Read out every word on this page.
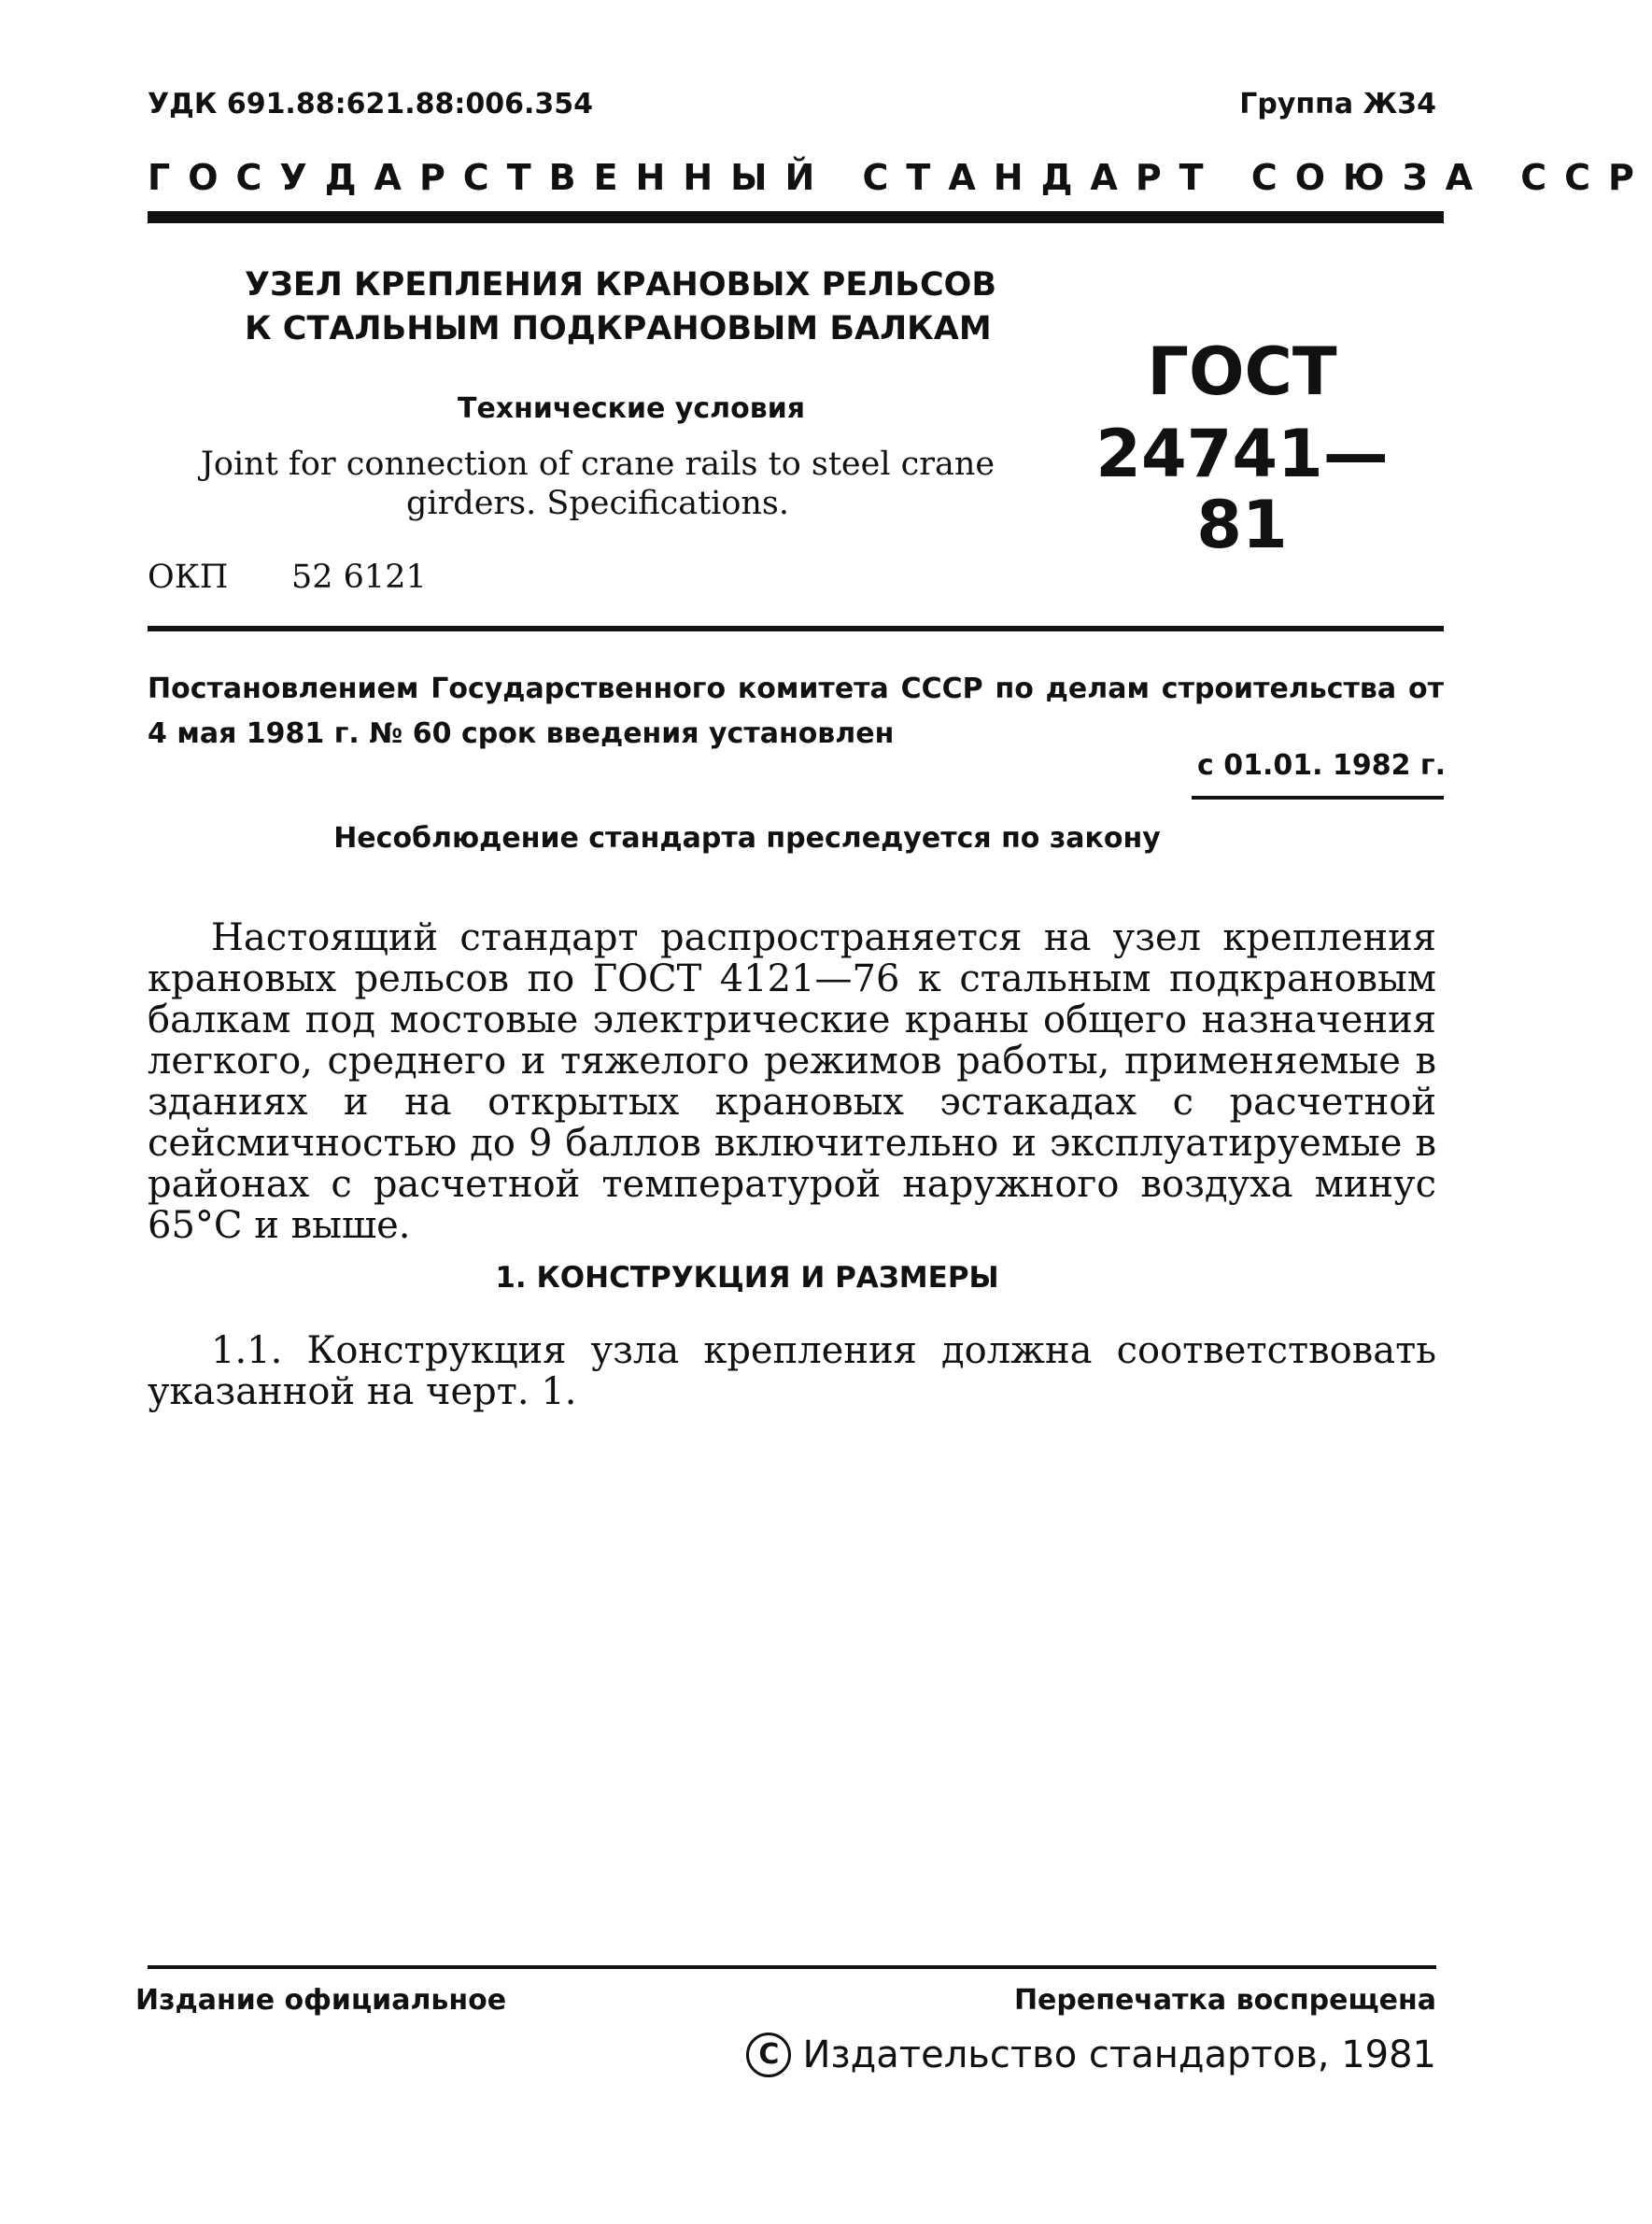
УДК 691.88:621.88:006.354	Группа Ж34
ГОСУДАРСТВЕННЫЙ СТАНДАРТ СОЮЗА ССР
УЗЕЛ КРЕПЛЕНИЯ КРАНОВЫХ РЕЛЬСОВ
К СТАЛЬНЫМ ПОДКРАНОВЫМ БАЛКАМ
Технические условия
Joint for connection of crane rails to steel crane girders. Specifications.
ОКП 52 6121
ГОСТ
24741—81
Постановлением Государственного комитета СССР по делам строительства от 4 мая 1981 г. № 60 срок введения установлен
с 01.01. 1982 г.
Несоблюдение стандарта преследуется по закону
Настоящий стандарт распространяется на узел крепления крановых рельсов по ГОСТ 4121—76 к стальным подкрановым балкам под мостовые электрические краны общего назначения легкого, среднего и тяжелого режимов работы, применяемые в зданиях и на открытых крановых эстакадах с расчетной сейсмичностью до 9 баллов включительно и эксплуатируемые в районах с расчетной температурой наружного воздуха минус 65°С и выше.
1. КОНСТРУКЦИЯ И РАЗМЕРЫ
1.1. Конструкция узла крепления должна соответствовать указанной на черт. 1.
Издание официальное	Перепечатка воспрещена
С Издательство стандартов, 1981
